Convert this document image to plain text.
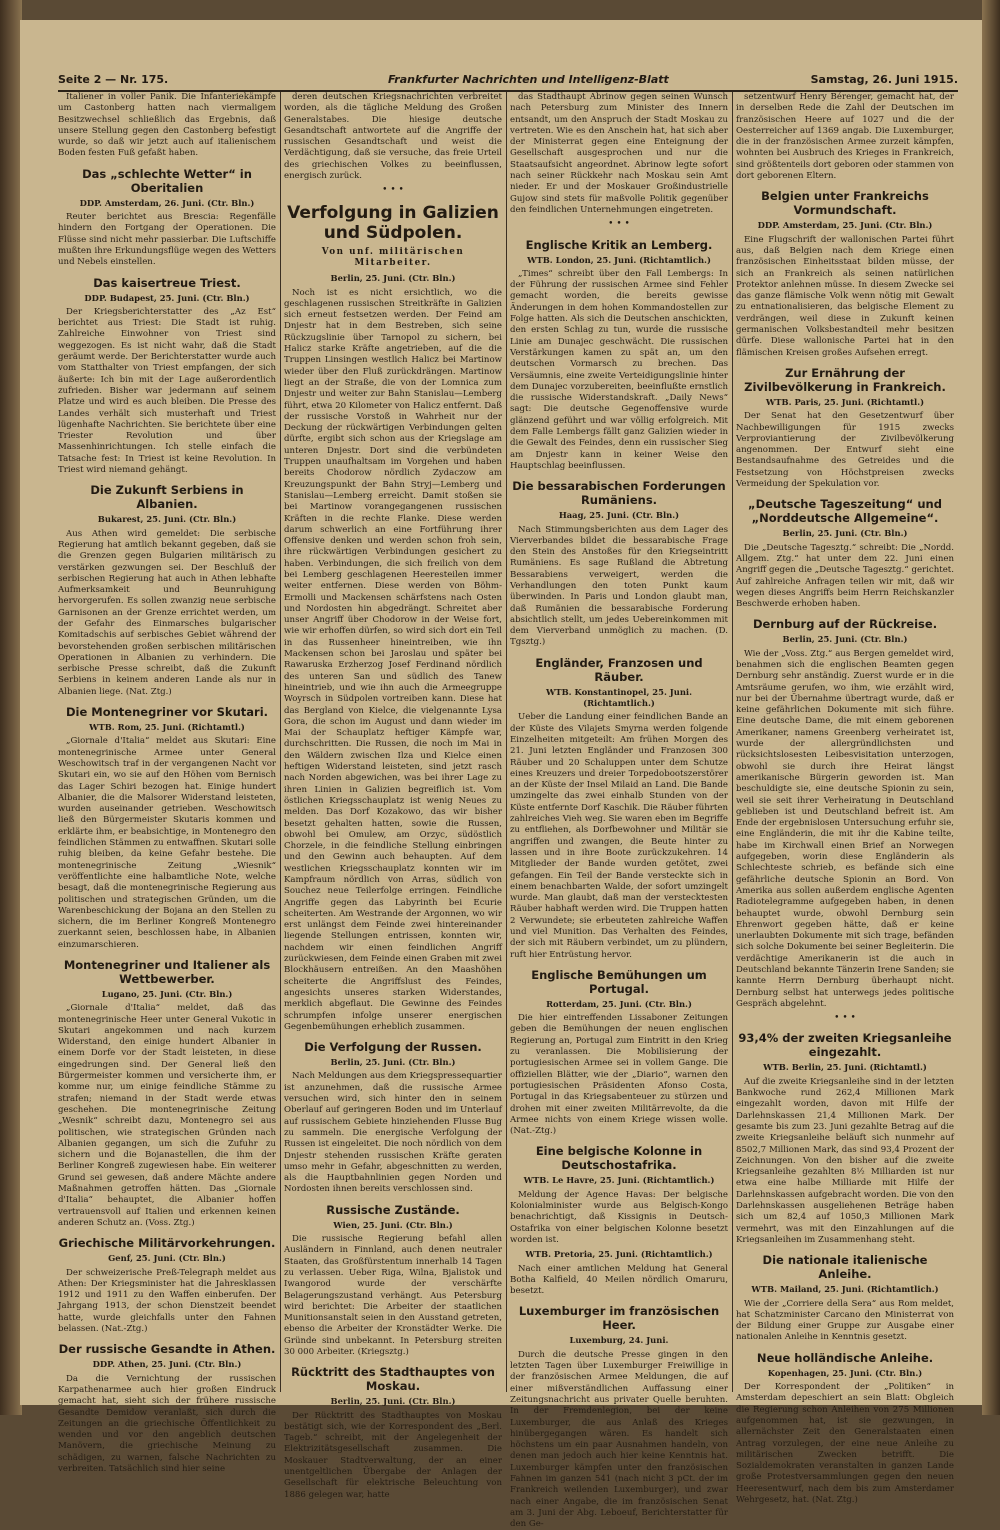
Seite 2 — Nr. 175.	Frankfurter Nachrichten und Intelligenz-Blatt	Samstag, 26. Juni 1915.

Italiener in voller Panik. Die Infanteriekämpfe um Castonberg hatten nach viermaligem Besitzwechsel schließlich das Ergebnis, daß unsere Stellung gegen den Castonberg befestigt wurde, so daß wir jetzt auch auf italienischem Boden festen Fuß gefaßt haben.

Das „schlechte Wetter“ in Oberitalien
DDP. Amsterdam, 26. Juni. (Ctr. Bln.)

Reuter berichtet aus Brescia: Regenfälle hindern den Fortgang der Operationen. Die Flüsse sind nicht mehr passierbar. Die Luftschiffe mußten ihre Erkundungsflüge wegen des Wetters und Nebels einstellen.

Das kaisertreue Triest.
DDP. Budapest, 25. Juni. (Ctr. Bln.)

Der Kriegsberichterstatter des „Az Est“ berichtet aus Triest: Die Stadt ist ruhig. Zahlreiche Einwohner von Triest sind weggezogen. Es ist nicht wahr, daß die Stadt geräumt werde. Der Berichterstatter wurde auch vom Statthalter von Triest empfangen, der sich äußerte: Ich bin mit der Lage außerordentlich zufrieden. Bisher war jedermann auf seinem Platze und wird es auch bleiben. Die Presse des Landes verhält sich musterhaft und Triest lügenhafte Nachrichten. Sie berichtete über eine Triester Revolution und über Massenhinrichtungen. Ich stelle einfach die Tatsache fest: In Triest ist keine Revolution. In Triest wird niemand gehängt.

Die Zukunft Serbiens in Albanien.
Bukarest, 25. Juni. (Ctr. Bln.)

Aus Athen wird gemeldet: Die serbische Regierung hat amtlich bekannt gegeben, daß sie die Grenzen gegen Bulgarien militärisch zu verstärken gezwungen sei. Der Beschluß der serbischen Regierung hat auch in Athen lebhafte Aufmerksamkeit und Beunruhigung hervorgerufen. Es sollen zwanzig neue serbische Garnisonen an der Grenze errichtet werden, um der Gefahr des Einmarsches bulgarischer Komitadschis auf serbisches Gebiet während der bevorstehenden großen serbischen militärischen Operationen in Albanien zu verhindern. Die serbische Presse schreibt, daß die Zukunft Serbiens in keinem anderen Lande als nur in Albanien liege. (Nat. Ztg.)

Die Montenegriner vor Skutari.
WTB. Rom, 25. Juni. (Richtamtl.)

„Giornale d'Italia“ meldet aus Skutari: Eine montenegrinische Armee unter General Weschowitsch traf in der vergangenen Nacht vor Skutari ein, wo sie auf den Höhen vom Bernisch das Lager Schiri bezogen hat. Einige hundert Albanier, die die Malsorer Widerstand leisteten, wurden auseinander getrieben. Weschowitsch ließ den Bürgermeister Skutaris kommen und erklärte ihm, er beabsichtige, in Montenegro den feindlichen Stämmen zu entwaffnen. Skutari solle ruhig bleiben, da keine Gefahr bestehe. Die montenegrinische Zeitung „Wiesnik“ veröffentlichte eine halbamtliche Note, welche besagt, daß die montenegrinische Regierung aus politischen und strategischen Gründen, um die Warenbeschickung der Bojana an den Stellen zu sichern, die im Berliner Kongreß Montenegro zuerkannt seien, beschlossen habe, in Albanien einzumarschieren.

Montenegriner und Italiener als Wettbewerber.
Lugano, 25. Juni. (Ctr. Bln.)

„Giornale d'Italia“ meldet, daß das montenegrinische Heer unter General Vukotic in Skutari angekommen und nach kurzem Widerstand, den einige hundert Albanier in einem Dorfe vor der Stadt leisteten, in diese eingedrungen sind. Der General ließ den Bürgermeister kommen und versicherte ihm, er komme nur, um einige feindliche Stämme zu strafen; niemand in der Stadt werde etwas geschehen. Die montenegrinische Zeitung „Wesnik“ schreibt dazu, Montenegro sei aus politischen, wie strategischen Gründen nach Albanien gegangen, um sich die Zufuhr zu sichern und die Bojanastellen, die ihm der Berliner Kongreß zugewiesen habe. Ein weiterer Grund sei gewesen, daß andere Mächte andere Maßnahmen getroffen hätten. Das „Giornale d'Italia“ behauptet, die Albanier hoffen vertrauensvoll auf Italien und erkennen keinen anderen Schutz an. (Voss. Ztg.)

Griechische Militärvorkehrungen.
Genf, 25. Juni. (Ctr. Bln.)

Der schweizerische Preß-Telegraph meldet aus Athen: Der Kriegsminister hat die Jahresklassen 1912 und 1911 zu den Waffen einberufen. Der Jahrgang 1913, der schon Dienstzeit beendet hatte, wurde gleichfalls unter den Fahnen belassen. (Nat.-Ztg.)

Der russische Gesandte in Athen.
DDP. Athen, 25. Juni. (Ctr. Bln.)

Da die Vernichtung der russischen Karpathenarmee auch hier großen Eindruck gemacht hat, sieht sich der frühere russische Gesandte Demidow veranlaßt, sich durch die Zeitungen an die griechische Öffentlichkeit zu wenden und vor den angeblich deutschen Manövern, die griechische Meinung zu schädigen, zu warnen, falsche Nachrichten zu verbreiten. Tatsächlich sind hier seine

deren deutschen Kriegsnachrichten verbreitet worden, als die tägliche Meldung des Großen Generalstabes. Die hiesige deutsche Gesandtschaft antwortete auf die Angriffe der russischen Gesandtschaft und weist die Verdächtigung, daß sie versuche, das freie Urteil des griechischen Volkes zu beeinflussen, energisch zurück.

• • •
Verfolgung in Galizien und Südpolen.
Von unf. militärischen Mitarbeiter.
Berlin, 25. Juni. (Ctr. Bln.)

Noch ist es nicht ersichtlich, wo die geschlagenen russischen Streitkräfte in Galizien sich erneut festsetzen werden. Der Feind am Dnjestr hat in dem Bestreben, sich seine Rückzugslinie über Tarnopol zu sichern, bei Halicz starke Kräfte angetrieben, auf die die Truppen Linsingen westlich Halicz bei Martinow wieder über den Fluß zurückdrängen. Martinow liegt an der Straße, die von der Lomnica zum Dnjestr und weiter zur Bahn Stanislau—Lemberg führt, etwa 20 Kilometer von Halicz entfernt. Daß der russische Vorstoß in Wahrheit nur der Deckung der rückwärtigen Verbindungen gelten dürfte, ergibt sich schon aus der Kriegslage am unteren Dnjestr. Dort sind die verbündeten Truppen unaufhaltsam im Vorgehen und haben bereits Chodorow nördlich Zydaczow am Kreuzungspunkt der Bahn Stryj—Lemberg und Stanislau—Lemberg erreicht. Damit stoßen sie bei Martinow vorangegangenen russischen Kräften in die rechte Flanke. Diese werden darum schwerlich an eine Fortführung ihrer Offensive denken und werden schon froh sein, ihre rückwärtigen Verbindungen gesichert zu haben. Verbindungen, die sich freilich von dem bei Lemberg geschlagenen Heeresteilen immer weiter entfernen. Diese werden von Böhm-Ermolli und Mackensen schärfstens nach Osten und Nordosten hin abgedrängt. Schreitet aber unser Angriff über Chodorow in der Weise fort, wie wir erhoffen dürfen, so wird sich dort ein Teil in das Russenheer hineintreiben, wie ihn Mackensen schon bei Jaroslau und später bei Rawaruska Erzherzog Josef Ferdinand nördlich des unteren San und südlich des Tanew hineintrieb, und wie ihn auch die Armeegruppe Woyrsch in Südpolen vortreiben kann. Diese hat das Bergland von Kielce, die vielgenannte Lysa Gora, die schon im August und dann wieder im Mai der Schauplatz heftiger Kämpfe war, durchschritten. Die Russen, die noch im Mai in den Wäldern zwischen Ilza und Kielce einen heftigen Widerstand leisteten, sind jetzt rasch nach Norden abgewichen, was bei ihrer Lage zu ihren Linien in Galizien begreiflich ist. Vom östlichen Kriegsschauplatz ist wenig Neues zu melden. Das Dorf Kozakowo, das wir bisher besetzt gehalten hatten, sowie die Russen, obwohl bei Omulew, am Orzyc, südöstlich Chorzele, in die feindliche Stellung einbringen und den Gewinn auch behaupten. Auf dem westlichen Kriegsschauplatz konnten wir im Kampfraum nördlich von Arras, südlich von Souchez neue Teilerfolge erringen. Feindliche Angriffe gegen das Labyrinth bei Ecurie scheiterten. Am Westrande der Argonnen, wo wir erst unlängst dem Feinde zwei hintereinander liegende Stellungen entrissen, konnten wir, nachdem wir einen feindlichen Angriff zurückwiesen, dem Feinde einen Graben mit zwei Blockhäusern entreißen. An den Maashöhen scheiterte die Angriffslust des Feindes, angesichts unseres starken Widerstandes, merklich abgeflaut. Die Gewinne des Feindes schrumpfen infolge unserer energischen Gegenbemühungen erheblich zusammen.

Die Verfolgung der Russen.
Berlin, 25. Juni. (Ctr. Bln.)

Nach Meldungen aus dem Kriegspressequartier ist anzunehmen, daß die russische Armee versuchen wird, sich hinter den in seinem Oberlauf auf geringeren Boden und im Unterlauf auf russischem Gebiete hinziehenden Flusse Bug zu sammeln. Die energische Verfolgung der Russen ist eingeleitet. Die noch nördlich von dem Dnjestr stehenden russischen Kräfte geraten umso mehr in Gefahr, abgeschnitten zu werden, als die Hauptbahnlinien gegen Norden und Nordosten ihnen bereits verschlossen sind.

Russische Zustände.
Wien, 25. Juni. (Ctr. Bln.)

Die russische Regierung befahl allen Ausländern in Finnland, auch denen neutraler Staaten, das Großfürstentum innerhalb 14 Tagen zu verlassen. Ueber Riga, Wilna, Bjalistok und Iwangorod wurde der verschärfte Belagerungszustand verhängt. Aus Petersburg wird berichtet: Die Arbeiter der staatlichen Munitionsanstalt seien in den Ausstand getreten, ebenso die Arbeiter der Kronstädter Werke. Die Gründe sind unbekannt. In Petersburg streiten 30 000 Arbeiter. (Kriegsztg.)

Rücktritt des Stadthauptes von Moskau.
Berlin, 25. Juni. (Ctr. Bln.)

Der Rücktritt des Stadthauptes von Moskau bestätigt sich, wie der Korrespondent des „Berl. Tageb.“ schreibt, mit der Angelegenheit der Elektrizitätsgesellschaft zusammen. Die Moskauer Stadtverwaltung, der an einer unentgeltlichen Übergabe der Anlagen der Gesellschaft für elektrische Beleuchtung von 1886 gelegen war, hatte

das Stadthaupt Abrinow gegen seinen Wunsch nach Petersburg zum Minister des Innern entsandt, um den Anspruch der Stadt Moskau zu vertreten. Wie es den Anschein hat, hat sich aber der Ministerrat gegen eine Enteignung der Gesellschaft ausgesprochen und nur die Staatsaufsicht angeordnet. Abrinow legte sofort nach seiner Rückkehr nach Moskau sein Amt nieder. Er und der Moskauer Großindustrielle Gujow sind stets für maßvolle Politik gegenüber den feindlichen Unternehmungen eingetreten.

• • •
Englische Kritik an Lemberg.
WTB. London, 25. Juni. (Richtamtlich.)

„Times“ schreibt über den Fall Lembergs: In der Führung der russischen Armee sind Fehler gemacht worden, die bereits gewisse Änderungen in dem hohen Kommandostellen zur Folge hatten. Als sich die Deutschen anschickten, den ersten Schlag zu tun, wurde die russische Linie am Dunajec geschwächt. Die russischen Verstärkungen kamen zu spät an, um den deutschen Vormarsch zu brechen. Das Versäumnis, eine zweite Verteidigungslinie hinter dem Dunajec vorzubereiten, beeinflußte ernstlich die russische Widerstandskraft. „Daily News“ sagt: Die deutsche Gegenoffensive wurde glänzend geführt und war völlig erfolgreich. Mit dem Falle Lembergs fällt ganz Galizien wieder in die Gewalt des Feindes, denn ein russischer Sieg am Dnjestr kann in keiner Weise den Hauptschlag beeinflussen.

Die bessarabischen Forderungen Rumäniens.
Haag, 25. Juni. (Ctr. Bln.)

Nach Stimmungsberichten aus dem Lager des Vierverbandes bildet die bessarabische Frage den Stein des Anstoßes für den Kriegseintritt Rumäniens. Es sage Rußland die Abtretung Bessarabiens verweigert, werden die Verhandlungen den toten Punkt kaum überwinden. In Paris und London glaubt man, daß Rumänien die bessarabische Forderung absichtlich stellt, um jedes Uebereinkommen mit dem Vierverband unmöglich zu machen. (D. Tgsztg.)

Engländer, Franzosen und Räuber.
WTB. Konstantinopel, 25. Juni. (Richtamtlich.)

Ueber die Landung einer feindlichen Bande an der Küste des Vilajets Smyrna werden folgende Einzelheiten mitgeteilt: Am frühen Morgen des 21. Juni letzten Engländer und Franzosen 300 Räuber und 20 Schaluppen unter dem Schutze eines Kreuzers und dreier Torpedobootszerstörer an der Küste der Insel Milaid an Land. Die Bande umzingelte das zwei einhalb Stunden von der Küste entfernte Dorf Kaschik. Die Räuber führten zahlreiches Vieh weg. Sie waren eben im Begriffe zu entfliehen, als Dorfbewohner und Militär sie angriffen und zwangen, die Beute hinter zu lassen und in ihre Boote zurückzukehren. 14 Mitglieder der Bande wurden getötet, zwei gefangen. Ein Teil der Bande versteckte sich in einem benachbarten Walde, der sofort umzingelt wurde. Man glaubt, daß man der verstecktesten Räuber habhaft werden wird. Die Truppen hatten 2 Verwundete; sie erbeuteten zahlreiche Waffen und viel Munition. Das Verhalten des Feindes, der sich mit Räubern verbindet, um zu plündern, ruft hier Entrüstung hervor.

Englische Bemühungen um Portugal.
Rotterdam, 25. Juni. (Ctr. Bln.)

Die hier eintreffenden Lissaboner Zeitungen geben die Bemühungen der neuen englischen Regierung an, Portugal zum Eintritt in den Krieg zu veranlassen. Die Mobilisierung der portugiesischen Armee sei in vollem Gange. Die offiziellen Blätter, wie der „Diario“, warnen den portugiesischen Präsidenten Afonso Costa, Portugal in das Kriegsabenteuer zu stürzen und drohen mit einer zweiten Militärrevolte, da die Armee nichts von einem Kriege wissen wolle. (Nat.-Ztg.)

Eine belgische Kolonne in Deutschostafrika.
WTB. Le Havre, 25. Juni. (Richtamtlich.)

Meldung der Agence Havas: Der belgische Kolonialminister wurde aus Belgisch-Kongo benachrichtigt, daß Kissignis in Deutsch-Ostafrika von einer belgischen Kolonne besetzt worden ist.

WTB. Pretoria, 25. Juni. (Richtamtlich.)

Nach einer amtlichen Meldung hat General Botha Kalfield, 40 Meilen nördlich Omaruru, besetzt.

Luxemburger im französischen Heer.
Luxemburg, 24. Juni.

Durch die deutsche Presse gingen in den letzten Tagen über Luxemburger Freiwillige in der französischen Armee Meldungen, die auf einer mißverständlichen Auffassung einer Zeitungsnachricht aus privater Quelle beruhten. In der Fremdenlegion, bei der keine Luxemburger, die aus Anlaß des Krieges hinübergegangen wären. Es handelt sich höchstens um ein paar Ausnahmen handeln, von denen man jedoch auch hier keine Kenntnis hat. Luxemburger kämpfen unter den französischen Fahnen im ganzen 541 (nach nicht 3 pCt. der im Frankreich weilenden Luxemburger), und zwar nach einer Angabe, die im französischen Senat am 3. Juni der Abg. Leboeuf, Berichterstatter für den Ge-

setzentwurf Henry Bérenger, gemacht hat, der in derselben Rede die Zahl der Deutschen im französischen Heere auf 1027 und die der Oesterreicher auf 1369 angab. Die Luxemburger, die in der französischen Armee zurzeit kämpfen, wohnten bei Ausbruch des Krieges in Frankreich, sind größtenteils dort geboren oder stammen von dort geborenen Eltern.

Belgien unter Frankreichs Vormundschaft.
DDP. Amsterdam, 25. Juni. (Ctr. Bln.)

Eine Flugschrift der wallonischen Partei führt aus, daß Belgien nach dem Kriege einen französischen Einheitsstaat bilden müsse, der sich an Frankreich als seinen natürlichen Protektor anlehnen müsse. In diesem Zwecke sei das ganze flämische Volk wenn nötig mit Gewalt zu entnationalisieren, das belgische Element zu verdrängen, weil diese in Zukunft keinen germanischen Volksbestandteil mehr besitzen dürfe. Diese wallonische Partei hat in den flämischen Kreisen großes Aufsehen erregt.

Zur Ernährung der Zivilbevölkerung in Frankreich.
WTB. Paris, 25. Juni. (Richtamtl.)

Der Senat hat den Gesetzentwurf über Nachbewilligungen für 1915 zwecks Verproviantierung der Zivilbevölkerung angenommen. Der Entwurf sieht eine Bestandsaufnahme des Getreides und die Festsetzung von Höchstpreisen zwecks Vermeidung der Spekulation vor.

„Deutsche Tageszeitung“ und „Norddeutsche Allgemeine“.
Berlin, 25. Juni. (Ctr. Bln.)

Die „Deutsche Tagesztg.“ schreibt: Die „Nordd. Allgem. Ztg.“ hat unter dem 22. Juni einen Angriff gegen die „Deutsche Tagesztg.“ gerichtet. Auf zahlreiche Anfragen teilen wir mit, daß wir wegen dieses Angriffs beim Herrn Reichskanzler Beschwerde erhoben haben.

Dernburg auf der Rückreise.
Berlin, 25. Juni. (Ctr. Bln.)

Wie der „Voss. Ztg.“ aus Bergen gemeldet wird, benahmen sich die englischen Beamten gegen Dernburg sehr anständig. Zuerst wurde er in die Amtsräume gerufen, wo ihm, wie erzählt wird, nur bei der Übernahme übertragt wurde, daß er keine gefährlichen Dokumente mit sich führe. Eine deutsche Dame, die mit einem geborenen Amerikaner, namens Greenberg verheiratet ist, wurde der allergründlichsten und rücksichtslosesten Leibesvisitation unterzogen, obwohl sie durch ihre Heirat längst amerikanische Bürgerin geworden ist. Man beschuldigte sie, eine deutsche Spionin zu sein, weil sie seit ihrer Verheiratung in Deutschland geblieben ist und Deutschland befreit ist. Am Ende der ergebnislosen Untersuchung erfuhr sie, eine Engländerin, die mit ihr die Kabine teilte, habe im Kirchwall einen Brief an Norwegen aufgegeben, worin diese Engländerin als Schlechteste schrieb, es befände sich eine gefährliche deutsche Spionin an Bord. Von Amerika aus sollen außerdem englische Agenten Radiotelegramme aufgegeben haben, in denen behauptet wurde, obwohl Dernburg sein Ehrenwort gegeben hätte, daß er keine unerlaubten Dokumente mit sich trage, befänden sich solche Dokumente bei seiner Begleiterin. Die verdächtige Amerikanerin ist die auch in Deutschland bekannte Tänzerin Irene Sanden; sie kannte Herrn Dernburg überhaupt nicht. Dernburg selbst hat unterwegs jedes politische Gespräch abgelehnt.

• • •
93,4% der zweiten Kriegsanleihe eingezahlt.
WTB. Berlin, 25. Juni. (Richtamtl.)

Auf die zweite Kriegsanleihe sind in der letzten Bankwoche rund 262,4 Millionen Mark eingezahlt worden, davon mit Hilfe der Darlehnskassen 21,4 Millionen Mark. Der gesamte bis zum 23. Juni gezahlte Betrag auf die zweite Kriegsanleihe beläuft sich nunmehr auf 8502,7 Millionen Mark, das sind 93,4 Prozent der Zeichnungen. Von den bisher auf die zweite Kriegsanleihe gezahlten 8½ Milliarden ist nur etwa eine halbe Milliarde mit Hilfe der Darlehnskassen aufgebracht worden. Die von den Darlehnskassen ausgeliehenen Beträge haben sich um 82,4 auf 1050,3 Millionen Mark vermehrt, was mit den Einzahlungen auf die Kriegsanleihen im Zusammenhang steht.

Die nationale italienische Anleihe.
WTB. Mailand, 25. Juni. (Richtamtlich.)

Wie der „Corriere della Sera“ aus Rom meldet, hat Schatzminister Carcano den Ministerrat von der Bildung einer Gruppe zur Ausgabe einer nationalen Anleihe in Kenntnis gesetzt.

Neue holländische Anleihe.
Kopenhagen, 25. Juni. (Ctr. Bln.)

Der Korrespondent der „Politiken“ in Amsterdam depeschiert an sein Blatt: Obgleich die Regierung schon Anleihen von 275 Millionen aufgenommen hat, ist sie gezwungen, in allernächster Zeit den Generalstaaten einen Antrag vorzulegen, der eine neue Anleihe zu militärischen Zwecken betrifft. Die Sozialdemokraten veranstalten in ganzen Lande große Protestversammlungen gegen den neuen Heeresentwurf, nach dem bis zum Amsterdamer Wehrgesetz, hat. (Nat. Ztg.)
